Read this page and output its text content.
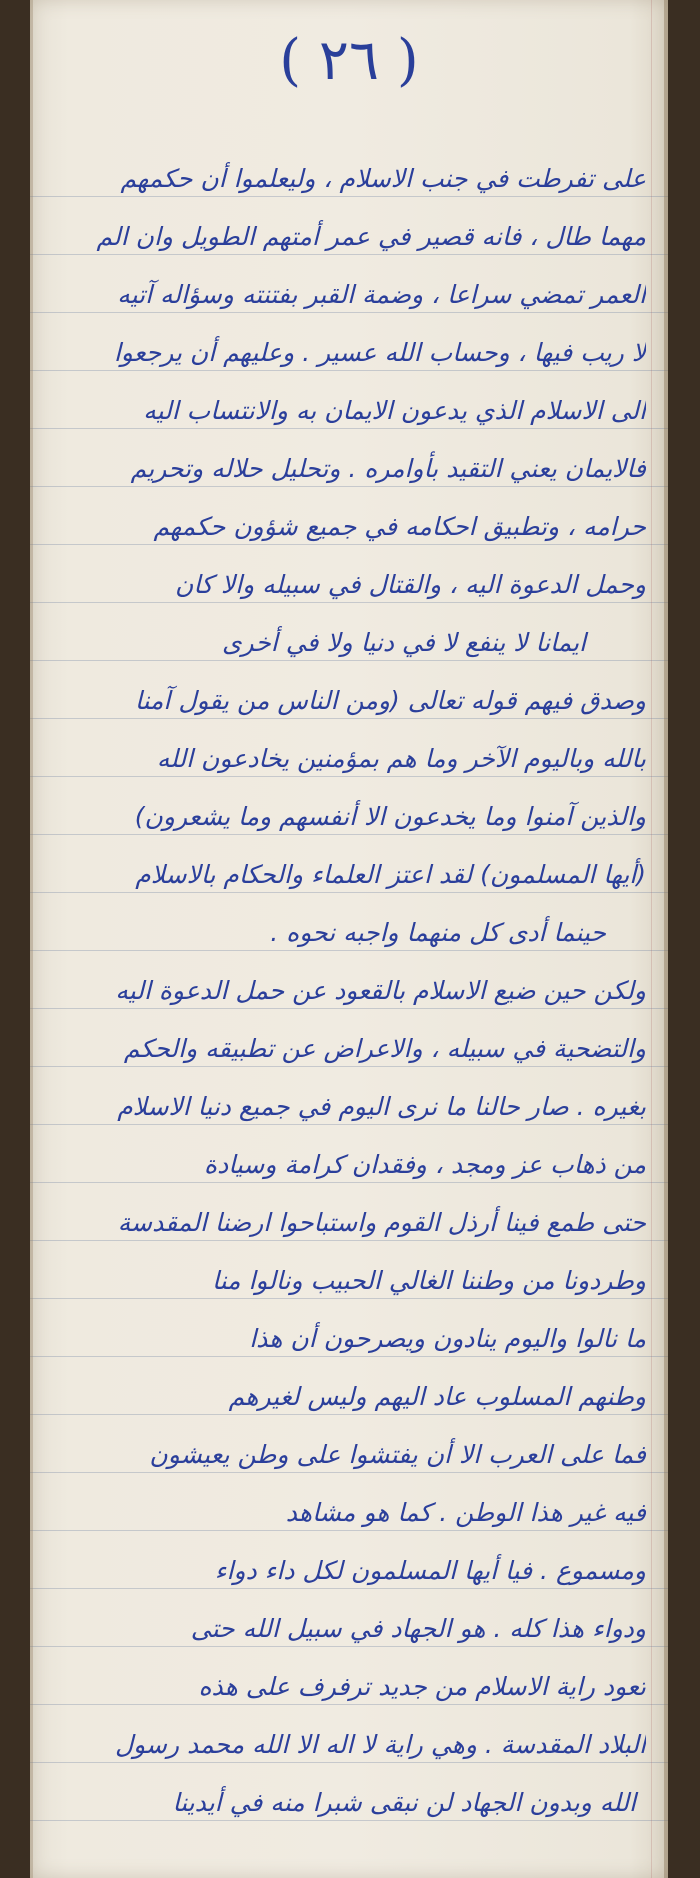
( ٢٦ )
على تفرطت في جنب الاسلام ، وليعلموا أن حكمهم
مهما طال ، فانه قصير في عمر أمتهم الطويل وان الم
العمر تمضي سراعا ، وضمة القبر بفتنته وسؤاله آتيه
لا ريب فيها ، وحساب الله عسير . وعليهم أن يرجعوا
الى الاسلام الذي يدعون الايمان به والانتساب اليه
فالايمان يعني التقيد بأوامره . وتحليل حلاله وتحريم
حرامه ، وتطبيق احكامه في جميع شؤون حكمهم
وحمل الدعوة اليه ، والقتال في سبيله والا كان
ايمانا لا ينفع لا في دنيا ولا في أخرى
وصدق فيهم قوله تعالى (ومن الناس من يقول آمنا
بالله وباليوم الآخر وما هم بمؤمنين يخادعون الله
والذين آمنوا وما يخدعون الا أنفسهم وما يشعرون)
(أيها المسلمون) لقد اعتز العلماء والحكام بالاسلام
حينما أدى كل منهما واجبه نحوه .
ولكن حين ضيع الاسلام بالقعود عن حمل الدعوة اليه
والتضحية في سبيله ، والاعراض عن تطبيقه والحكم
بغيره . صار حالنا ما نرى اليوم في جميع دنيا الاسلام
من ذهاب عز ومجد ، وفقدان كرامة وسيادة
حتى طمع فينا أرذل القوم واستباحوا ارضنا المقدسة
وطردونا من وطننا الغالي الحبيب ونالوا منا
ما نالوا واليوم ينادون ويصرحون أن هذا
وطنهم المسلوب عاد اليهم وليس لغيرهم
فما على العرب الا أن يفتشوا على وطن يعيشون
فيه غير هذا الوطن . كما هو مشاهد
ومسموع . فيا أيها المسلمون لكل داء دواء
ودواء هذا كله . هو الجهاد في سبيل الله حتى
تعود راية الاسلام من جديد ترفرف على هذه
البلاد المقدسة . وهي راية لا اله الا الله محمد رسول
الله وبدون الجهاد لن نبقى شبرا منه في أيدينا
